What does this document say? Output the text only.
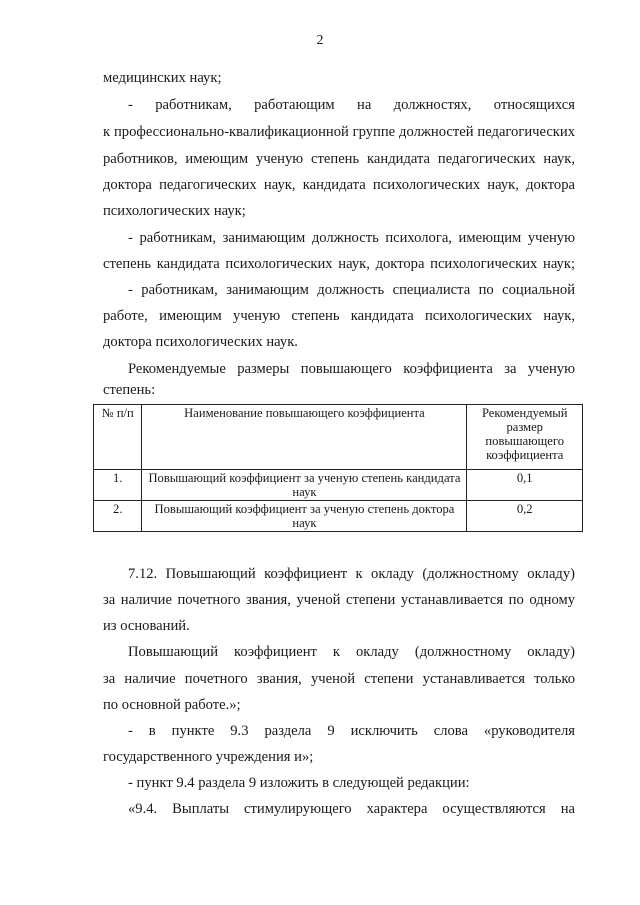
2
медицинских наук;
- работникам, работающим на должностях, относящихся
к профессионально-квалификационной группе должностей педагогических
работников, имеющим ученую степень кандидата педагогических наук,
доктора педагогических наук, кандидата психологических наук, доктора
психологических наук;
- работникам, занимающим должность психолога, имеющим ученую
степень кандидата психологических наук, доктора психологических наук;
- работникам, занимающим должность специалиста по социальной
работе, имеющим ученую степень кандидата психологических наук,
доктора психологических наук.
Рекомендуемые размеры повышающего коэффициента за ученую
степень:
№ п/п	Наименование повышающего коэффициента	Рекомендуемый размер повышающего коэффициента
1.	Повышающий коэффициент за ученую степень кандидата наук	0,1
2.	Повышающий коэффициент за ученую степень доктора наук	0,2
7.12. Повышающий коэффициент к окладу (должностному окладу)
за наличие почетного звания, ученой степени устанавливается по одному
из оснований.
Повышающий коэффициент к окладу (должностному окладу)
за наличие почетного звания, ученой степени устанавливается только
по основной работе.»;
- в пункте 9.3 раздела 9 исключить слова «руководителя
государственного учреждения и»;
- пункт 9.4 раздела 9 изложить в следующей редакции:
«9.4. Выплаты стимулирующего характера осуществляются на
